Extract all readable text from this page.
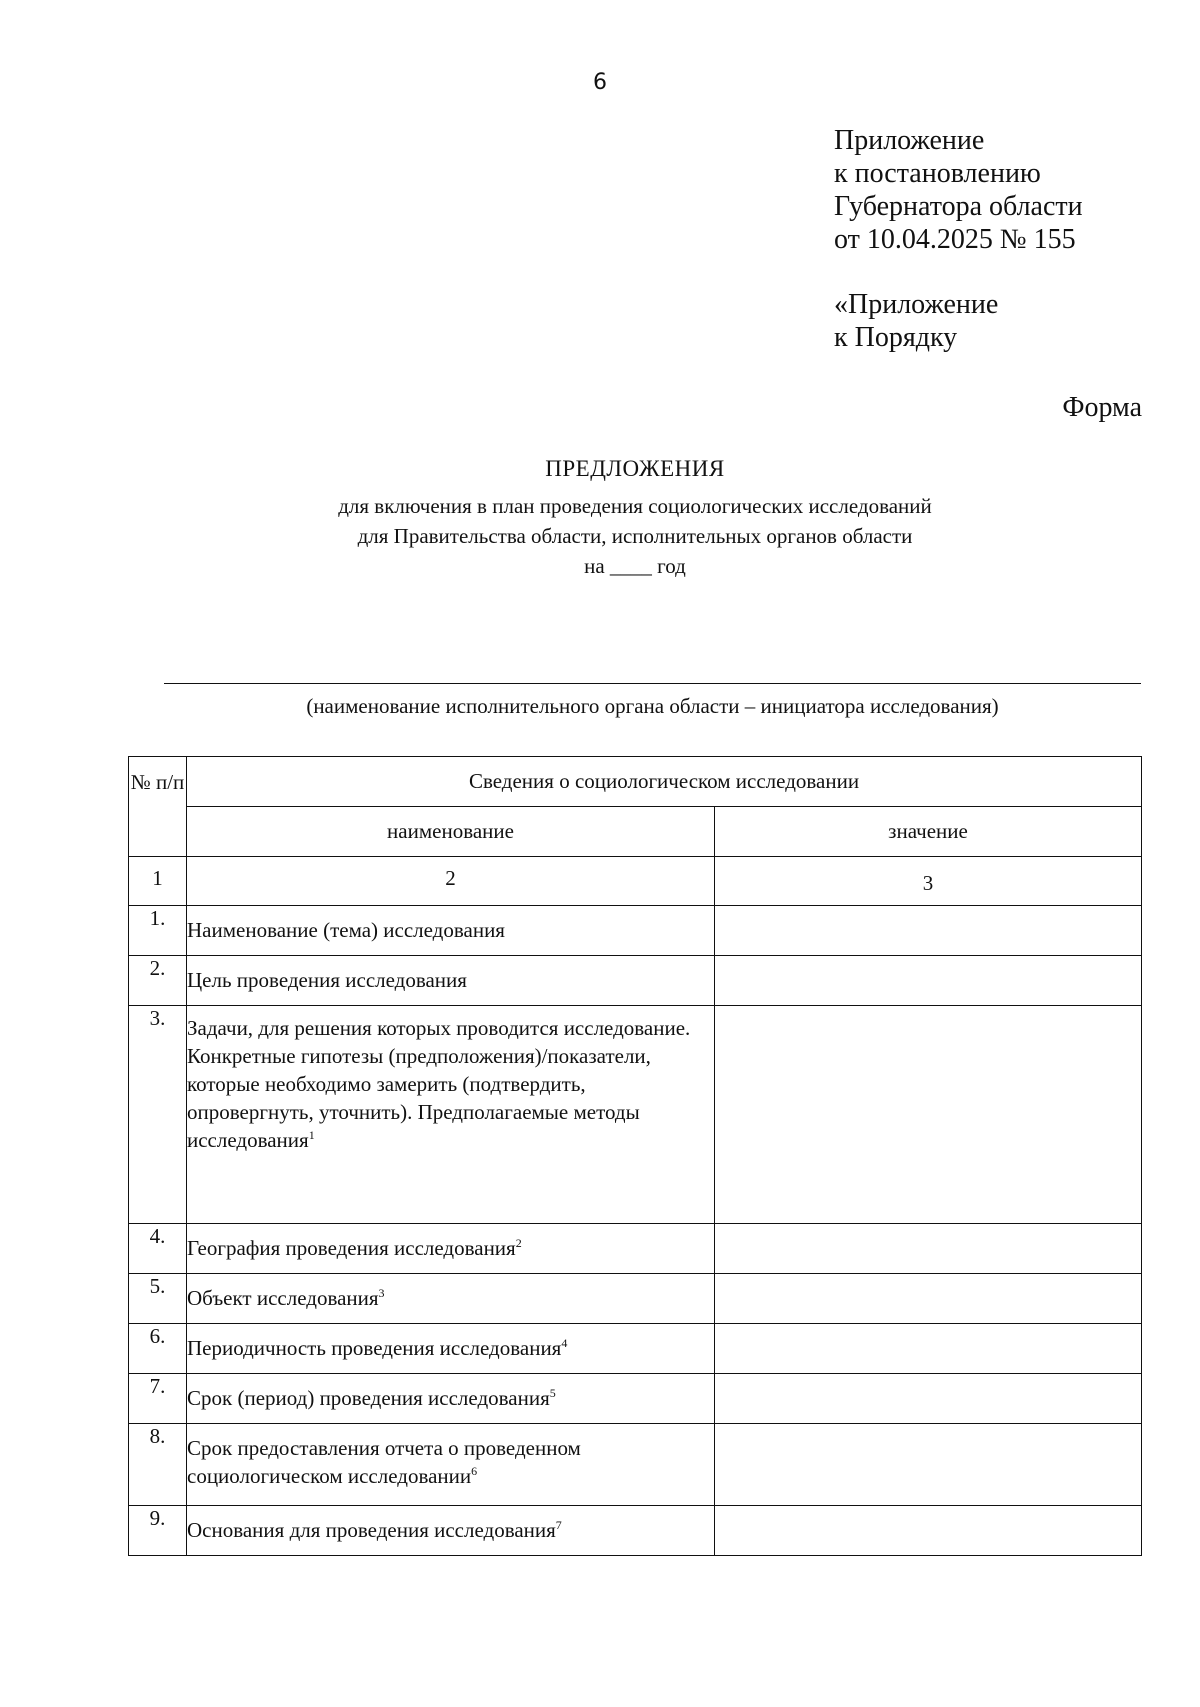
6
Приложение
к постановлению
Губернатора области
от 10.04.2025 № 155
«Приложение
к Порядку
Форма
ПРЕДЛОЖЕНИЯ
для включения в план проведения социологических исследований
для Правительства области, исполнительных органов области
на ____ год
(наименование исполнительного органа области – инициатора исследования)
№ п/п	Сведения о социологическом исследовании	
	наименование	значение
1	2	3
1.	Наименование (тема) исследования	
2.	Цель проведения исследования	
3.	Задачи, для решения которых проводится исследование. Конкретные гипотезы (предположения)/показатели, которые необходимо замерить (подтвердить, опровергнуть, уточнить). Предполагаемые методы исследования$^1$	
4.	География проведения исследования$^2$	
5.	Объект исследования$^3$	
6.	Периодичность проведения исследования$^4$	
7.	Срок (период) проведения исследования$^5$	
8.	Срок предоставления отчета о проведенном социологическом исследовании$^6$	
9.	Основания для проведения исследования$^7$	
